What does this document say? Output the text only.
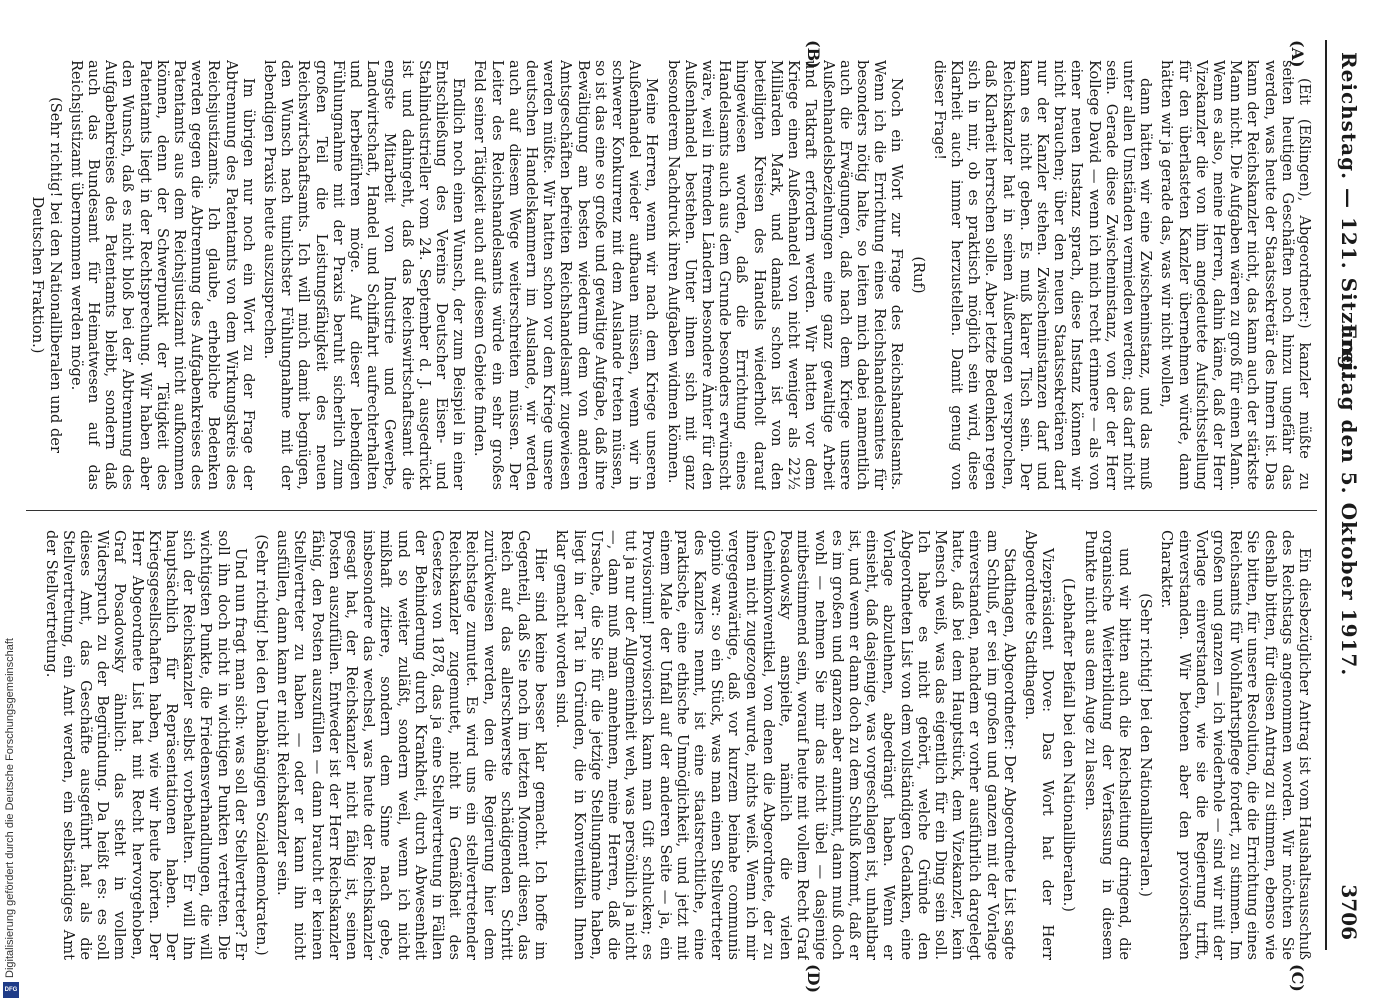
Reichstag. — 121. Sitzung.
Freitag den 5. Oktober 1917.
3706
(A)
(B)
(C)
(D)

(Eit (Eßlingen), Abgeordneter:) kanzler müßte zu seiten heutigen Geschäften noch hinzu ungefähr das werden, was heute der Staatssekretär des Innern ist. Das kann der Reichskanzler nicht, das kann auch der stärkste Mann nicht. Die Aufgaben wären zu groß für einen Mann. Wenn es also, meine Herren, dahin käme, daß der Herr Vizekanzler die von ihm angedeutete Aufsichtsstellung für den überlasteten Kanzler übernehmen würde, dann hätten wir ja gerade das, was wir nicht wollen,

dann hätten wir eine Zwischeninstanz, und das muß unter allen Umständen vermieden werden; das darf nicht sein. Gerade diese Zwischeninstanz, von der der Herr Kollege David — wenn ich mich recht erinnere — als von einer neuen Instanz sprach, diese Instanz können wir nicht brauchen; über den neuen Staatssekretären darf nur der Kanzler stehen. Zwischeninstanzen darf und kann es nicht geben. Es muß klarer Tisch sein. Der Reichskanzler hat in seinen Äußerungen versprochen, daß Klarheit herrschen solle. Aber letzte Bedenken regen sich in mir, ob es praktisch möglich sein wird, diese Klarheit auch immer herzustellen. Damit genug von dieser Frage!

(Ruf)

Noch ein Wort zur Frage des Reichshandelsamts. Wenn ich die Errichtung eines Reichshandelsamtes für besonders nötig halte, so leiten mich dabei namentlich auch die Erwägungen, daß nach dem Kriege unsere Außenhandelsbeziehungen eine ganz gewaltige Arbeit und Tatkraft erfordern werden. Wir hatten vor dem Kriege einen Außenhandel von nicht weniger als 22½ Milliarden Mark, und damals schon ist von den beteiligten Kreisen des Handels wiederholt darauf hingewiesen worden, daß die Errichtung eines Handelsamts auch aus dem Grunde besonders erwünscht wäre, weil in fremden Ländern besondere Ämter für den Außenhandel bestehen. Unter ihnen sich mit ganz besonderem Nachdruck ihren Aufgaben widmen können.

Meine Herren, wenn wir nach dem Kriege unseren Außenhandel wieder aufbauen müssen, wenn wir in schwerer Konkurrenz mit dem Auslande treten müssen, so ist das eine so große und gewaltige Aufgabe, daß ihre Bewältigung am besten wiederum dem von anderen Amtsgeschäften befreiten Reichshandelsamt zugewiesen werden müßte. Wir hatten schon vor dem Kriege unsere deutschen Handelskammern im Auslande, wir werden auch auf diesem Wege weiterschreiten müssen. Der Leiter des Reichshandelsamts würde ein sehr großes Feld seiner Tätigkeit auch auf diesem Gebiete finden.

Endlich noch einen Wunsch, der zum Beispiel in einer Entschließung des Vereins Deutscher Eisen- und Stahlindustrieller vom 24. September d. J. ausgedrückt ist und dahingeht, daß das Reichswirtschaftsamt die engste Mitarbeit von Industrie und Gewerbe, Landwirtschaft, Handel und Schiffahrt aufrechterhalten und herbeiführen möge. Auf dieser lebendigen Fühlungnahme mit der Praxis beruht sicherlich zum großen Teil die Leistungsfähigkeit des neuen Reichswirtschaftsamts. Ich will mich damit begnügen, den Wunsch nach tunlichster Fühlungnahme mit der lebendigen Praxis heute auszusprechen.

Im übrigen nur noch ein Wort zu der Frage der Abtrennung des Patentamts von dem Wirkungskreis des Reichsjustizamts. Ich glaube, erhebliche Bedenken werden gegen die Abtrennung des Aufgabenkreises des Patentamts aus dem Reichsjustizamt nicht aufkommen können, denn der Schwerpunkt der Tätigkeit des Patentamts liegt in der Rechtsprechung. Wir haben aber den Wunsch, daß es nicht bloß bei der Abtrennung des Aufgabenkreises des Patentamts bleibt, sondern daß auch das Bundesamt für Heimatwesen auf das Reichsjustizamt übernommen werden möge.

(Sehr richtig! bei den Nationalliberalen und der Deutschen Fraktion.)

Ein diesbezüglicher Antrag ist vom Haushaltsausschuß des Reichstags angenommen worden. Wir möchten Sie deshalb bitten, für diesen Antrag zu stimmen, ebenso wie Sie bitten, für unsere Resolution, die die Errichtung eines Reichsamts für Wohlfahrtspflege fordert, zu stimmen. Im großen und ganzen — ich wiederhole — sind wir mit der Vorlage einverstanden, wie sie die Regierung trifft, einverstanden. Wir betonen aber den provisorischen Charakter.

(Sehr richtig! bei den Nationalliberalen.)

und wir bitten auch die Reichsleitung dringend, die organische Weiterbildung der Verfassung in diesem Punkte nicht aus dem Auge zu lassen.

(Lebhafter Beifall bei den Nationalliberalen.)

Vizepräsident Dove: Das Wort hat der Herr Abgeordnete Stadthagen.

Stadthagen, Abgeordneter: Der Abgeordnete List sagte am Schluß, er sei im großen und ganzen mit der Vorlage einverstanden, nachdem er vorher ausführlich dargelegt hatte, daß bei dem Hauptstück, dem Vizekanzler, kein Mensch weiß, was das eigentlich für ein Ding sein soll. Ich habe es nicht gehört, welche Gründe den Abgeordneten List von dem vollständigen Gedanken, eine Vorlage abzulehnen, abgedrängt haben. Wenn er einsieht, daß dasjenige, was vorgeschlagen ist, unhaltbar ist, und wenn er dann doch zu dem Schluß kommt, daß er es im großen und ganzen aber annimmt, dann muß doch wohl — nehmen Sie mir das nicht übel — dasjenige mitbestimmend sein, worauf heute mit vollem Recht Graf Posadowsky anspielte, nämlich die vielen Geheimkonventikel, von denen die Abgeordnete, der zu ihnen nicht zugezogen wurde, nichts weiß. Wenn ich mir vergegenwärtige, daß vor kurzem beinahe communis opinio war: so ein Stück, was man einen Stellvertreter des Kanzlers nennt, ist eine staatsrechtliche, eine praktische, eine ethische Unmöglichkeit, und jetzt mit einem Male der Unfall auf der anderen Seite — ja, ein Provisorium! provisorisch kann man Gift schlucken; es tut ja nur der Allgemeinheit weh, was persönlich ja nicht —, dann muß man annehmen, meine Herren, daß die Ursache, die Sie für die jetzige Stellungnahme haben, liegt in der Tat in Gründen, die in Konventikeln Ihnen klar gemacht worden sind.

Hier sind keine besser klar gemacht. Ich hoffe im Gegenteil, daß Sie noch im letzten Moment diesen, das Reich auf das allerschwerste schädigenden Schritt zurückweisen werden, den die Regierung hier dem Reichstage zumutet. Es wird uns ein stellvertretender Reichskanzler zugemutet, nicht in Gemäßheit des Gesetzes von 1878, das ja eine Stellvertretung in Fällen der Behinderung durch Krankheit, durch Abwesenheit und so weiter zuläßt, sondern weil, wenn ich nicht mißhaft zitiere, sondern dem Sinne nach gebe, insbesondere das wechsel, was heute der Reichskanzler gesagt hat, der Reichskanzler nicht fähig ist, seinen Posten auszufüllen. Entweder ist der Herr Reichskanzler fähig, den Posten auszufüllen — dann braucht er keinen Stellvertreter zu haben — oder er kann ihn nicht ausfüllen, dann kann er nicht Reichskanzler sein.

(Sehr richtig! bei den Unabhängigen Sozialdemokraten.)

Und nun fragt man sich: was soll der Stellvertreter? Er soll ihn doch nicht in wichtigen Punkten vertreten. Die wichtigsten Punkte, die Friedensverhandlungen, die will sich der Reichskanzler selbst vorbehalten. Er will ihn hauptsächlich für Repräsentationen haben. Der Kriegsgesellschaften haben, wie wir heute hörten. Der Herr Abgeordnete List hat mit Recht hervorgehoben, Graf Posadowsky ähnlich: das steht in vollem Widerspruch zu der Begründung. Da heißt es: es soll dieses Amt, das Geschäfte ausgeführt hat als die Stellvertretung, ein Amt werden, ein selbständiges Amt der Stellvertretung.

Digitalisierung gefördert durch die Deutsche Forschungsgemeinschaft
DFG
